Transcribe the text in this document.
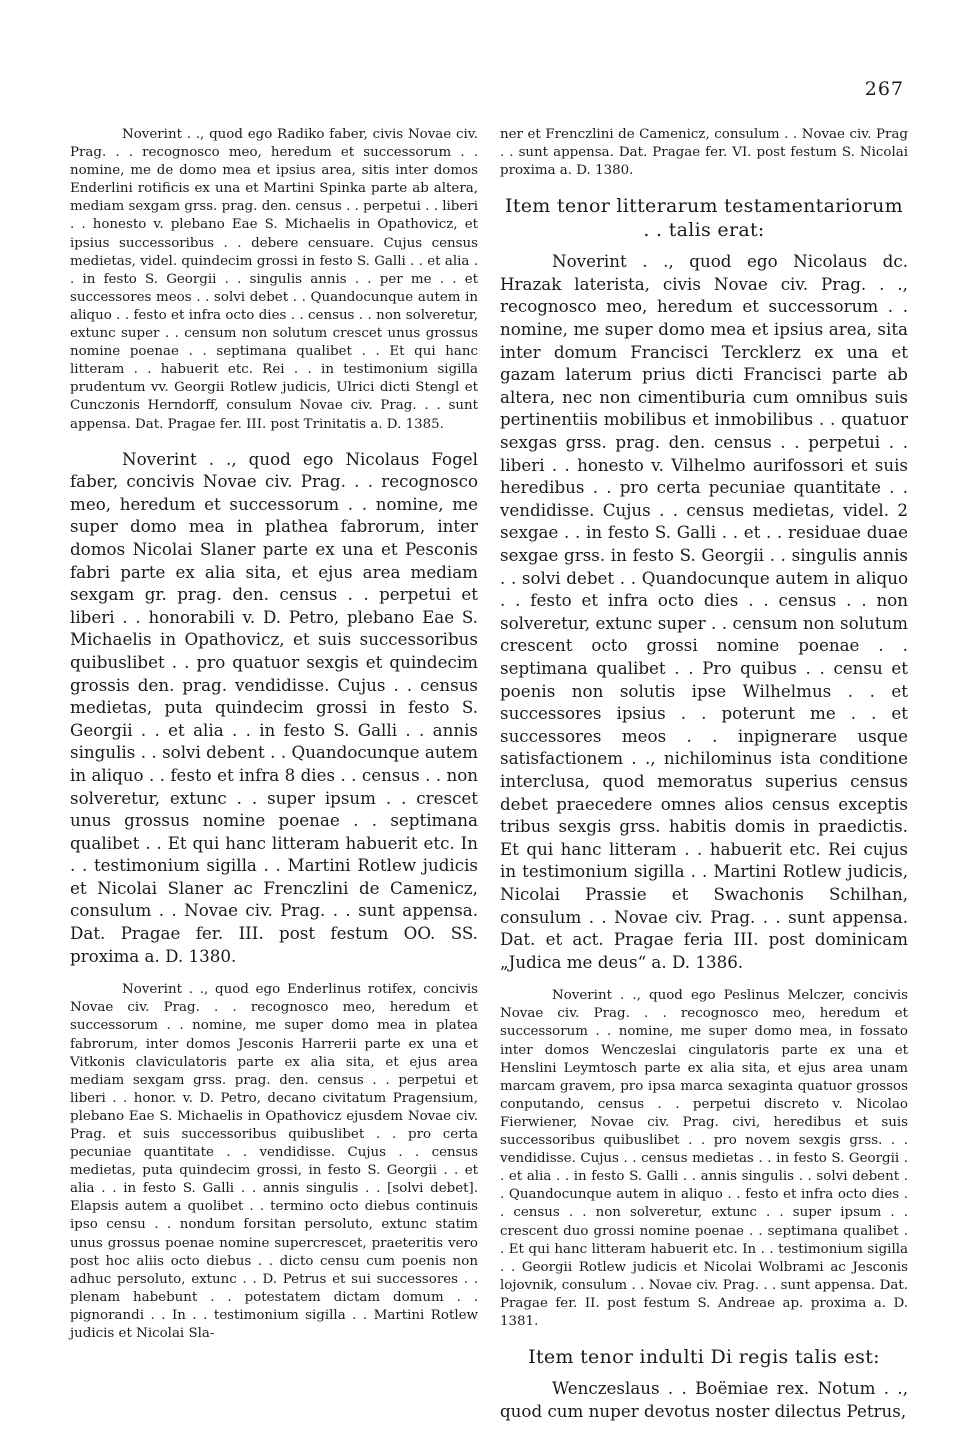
267

Noverint . ., quod ego Radiko faber, civis Novae civ. Prag. . . recognosco meo, heredum et successorum . . nomine, me de domo mea et ipsius area, sitis inter domos Enderlini rotificis ex una et Martini Spinka parte ab altera, mediam sexgam grss. prag. den. census . . perpetui . . liberi . . honesto v. plebano Eae S. Michaelis in Opathovicz, et ipsius successoribus . . debere censuare. Cujus census medietas, videl. quindecim grossi in festo S. Galli . . et alia . . in festo S. Georgii . . singulis annis . . per me . . et successores meos . . solvi debet . . Quandocunque autem in aliquo . . festo et infra octo dies . . census . . non solveretur, extunc super . . censum non solutum crescet unus grossus nomine poenae . . septimana qualibet . . Et qui hanc litteram . . habuerit etc. Rei . . in testimonium sigilla prudentum vv. Georgii Rotlew judicis, Ulrici dicti Stengl et Cunczonis Herndorff, consulum Novae civ. Prag. . . sunt appensa. Dat. Pragae fer. III. post Trinitatis a. D. 1385.

Noverint . ., quod ego Nicolaus Fogel faber, concivis Novae civ. Prag. . . recognosco meo, heredum et successorum . . nomine, me super domo mea in plathea fabrorum, inter domos Nicolai Slaner parte ex una et Pesconis fabri parte ex alia sita, et ejus area mediam sexgam gr. prag. den. census . . perpetui et liberi . . honorabili v. D. Petro, plebano Eae S. Michaelis in Opathovicz, et suis successoribus quibuslibet . . pro quatuor sexgis et quindecim grossis den. prag. vendidisse. Cujus . . census medietas, puta quindecim grossi in festo S. Georgii . . et alia . . in festo S. Galli . . annis singulis . . solvi debent . . Quandocunque autem in aliquo . . festo et infra 8 dies . . census . . non solveretur, extunc . . super ipsum . . crescet unus grossus nomine poenae . . septimana qualibet . . Et qui hanc litteram habuerit etc. In . . testimonium sigilla . . Martini Rotlew judicis et Nicolai Slaner ac Frenczlini de Camenicz, consulum . . Novae civ. Prag. . . sunt appensa. Dat. Pragae fer. III. post festum OO. SS. proxima a. D. 1380.

Noverint . ., quod ego Enderlinus rotifex, concivis Novae civ. Prag. . . recognosco meo, heredum et successorum . . nomine, me super domo mea in platea fabrorum, inter domos Jesconis Harrerii parte ex una et Vitkonis claviculatoris parte ex alia sita, et ejus area mediam sexgam grss. prag. den. census . . perpetui et liberi . . honor. v. D. Petro, decano civitatum Pragensium, plebano Eae S. Michaelis in Opathovicz ejusdem Novae civ. Prag. et suis successoribus quibuslibet . . pro certa pecuniae quantitate . . vendidisse. Cujus . . census medietas, puta quindecim grossi, in festo S. Georgii . . et alia . . in festo S. Galli . . annis singulis . . [solvi debet]. Elapsis autem a quolibet . . termino octo diebus continuis ipso censu . . nondum forsitan persoluto, extunc statim unus grossus poenae nomine supercrescet, praeteritis vero post hoc aliis octo diebus . . dicto censu cum poenis non adhuc persoluto, extunc . . D. Petrus et sui successores . . plenam habebunt . . potestatem dictam domum . . pignorandi . . In . . testimonium sigilla . . Martini Rotlew judicis et Nicolai Sla-

ner et Frenczlini de Camenicz, consulum . . Novae civ. Prag . . sunt appensa. Dat. Pragae fer. VI. post festum S. Nicolai proxima a. D. 1380.

Item tenor litterarum testamentariorum . . talis erat:

Noverint . ., quod ego Nicolaus dc. Hrazak laterista, civis Novae civ. Prag. . ., recognosco meo, heredum et successorum . . nomine, me super domo mea et ipsius area, sita inter domum Francisci Tercklerz ex una et gazam laterum prius dicti Francisci parte ab altera, nec non cimentiburia cum omnibus suis pertinentiis mobilibus et inmobilibus . . quatuor sexgas grss. prag. den. census . . perpetui . . liberi . . honesto v. Vilhelmo aurifossori et suis heredibus . . pro certa pecuniae quantitate . . vendidisse. Cujus . . census medietas, videl. 2 sexgae . . in festo S. Galli . . et . . residuae duae sexgae grss. in festo S. Georgii . . singulis annis . . solvi debet . . Quandocunque autem in aliquo . . festo et infra octo dies . . census . . non solveretur, extunc super . . censum non solutum crescent octo grossi nomine poenae . . septimana qualibet . . Pro quibus . . censu et poenis non solutis ipse Wilhelmus . . et successores ipsius . . poterunt me . . et successores meos . . inpignerare usque satisfactionem . ., nichilominus ista conditione interclusa, quod memoratus superius census debet praecedere omnes alios census exceptis tribus sexgis grss. habitis domis in praedictis. Et qui hanc litteram . . habuerit etc. Rei cujus in testimonium sigilla . . Martini Rotlew judicis, Nicolai Prassie et Swachonis Schilhan, consulum . . Novae civ. Prag. . . sunt appensa. Dat. et act. Pragae feria III. post dominicam „Judica me deus“ a. D. 1386.

Noverint . ., quod ego Peslinus Melczer, concivis Novae civ. Prag. . . recognosco meo, heredum et successorum . . nomine, me super domo mea, in fossato inter domos Wenczeslai cingulatoris parte ex una et Henslini Leymtosch parte ex alia sita, et ejus area unam marcam gravem, pro ipsa marca sexaginta quatuor grossos conputando, census . . perpetui discreto v. Nicolao Fierwiener, Novae civ. Prag. civi, heredibus et suis successoribus quibuslibet . . pro novem sexgis grss. . . vendidisse. Cujus . . census medietas . . in festo S. Georgii . . et alia . . in festo S. Galli . . annis singulis . . solvi debent . . Quandocunque autem in aliquo . . festo et infra octo dies . . census . . non solveretur, extunc . . super ipsum . . crescent duo grossi nomine poenae . . septimana qualibet . . Et qui hanc litteram habuerit etc. In . . testimonium sigilla . . Georgii Rotlew judicis et Nicolai Wolbrami ac Jesconis lojovnik, consulum . . Novae civ. Prag. . . sunt appensa. Dat. Pragae fer. II. post festum S. Andreae ap. proxima a. D. 1381.

Item tenor indulti Di regis talis est:

Wenczeslaus . . Boëmiae rex. Notum . ., quod cum nuper devotus noster dilectus Petrus,
